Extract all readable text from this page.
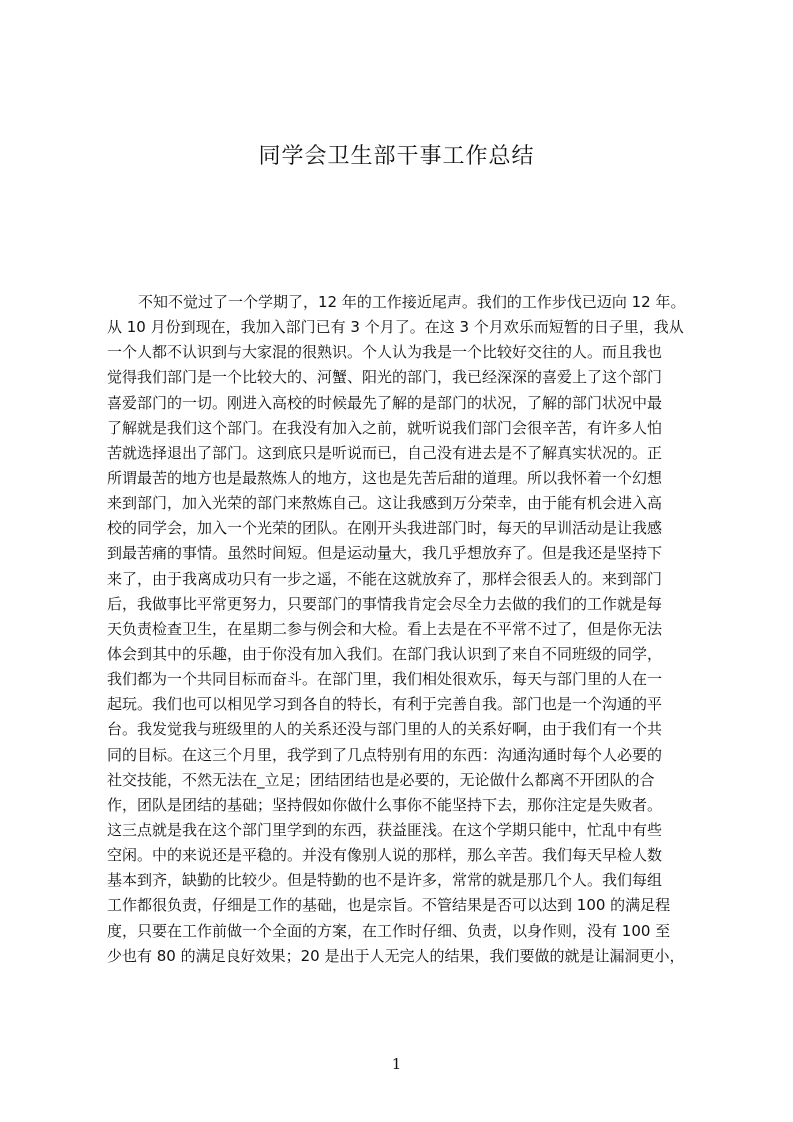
同学会卫生部干事工作总结

不知不觉过了一个学期了，12 年的工作接近尾声。我们的工作步伐已迈向 12 年。
从 10 月份到现在，我加入部门已有 3 个月了。在这 3 个月欢乐而短暂的日子里，我从
一个人都不认识到与大家混的很熟识。个人认为我是一个比较好交往的人。而且我也
觉得我们部门是一个比较大的、河蟹、阳光的部门，我已经深深的喜爱上了这个部门
喜爱部门的一切。刚进入高校的时候最先了解的是部门的状况，了解的部门状况中最
了解就是我们这个部门。在我没有加入之前，就听说我们部门会很辛苦，有许多人怕
苦就选择退出了部门。这到底只是听说而已，自己没有进去是不了解真实状况的。正
所谓最苦的地方也是最熬炼人的地方，这也是先苦后甜的道理。所以我怀着一个幻想
来到部门，加入光荣的部门来熬炼自己。这让我感到万分荣幸，由于能有机会进入高
校的同学会，加入一个光荣的团队。在刚开头我进部门时，每天的早训活动是让我感
到最苦痛的事情。虽然时间短。但是运动量大，我几乎想放弃了。但是我还是坚持下
来了，由于我离成功只有一步之遥，不能在这就放弃了，那样会很丢人的。来到部门
后，我做事比平常更努力，只要部门的事情我肯定会尽全力去做的我们的工作就是每
天负责检查卫生，在星期二参与例会和大检。看上去是在不平常不过了，但是你无法
体会到其中的乐趣，由于你没有加入我们。在部门我认识到了来自不同班级的同学，
我们都为一个共同目标而奋斗。在部门里，我们相处很欢乐，每天与部门里的人在一
起玩。我们也可以相见学习到各自的特长，有利于完善自我。部门也是一个沟通的平
台。我发觉我与班级里的人的关系还没与部门里的人的关系好啊，由于我们有一个共
同的目标。在这三个月里，我学到了几点特别有用的东西：沟通沟通时每个人必要的
社交技能，不然无法在_立足；团结团结也是必要的，无论做什么都离不开团队的合
作，团队是团结的基础；坚持假如你做什么事你不能坚持下去，那你注定是失败者。
这三点就是我在这个部门里学到的东西，获益匪浅。在这个学期只能中，忙乱中有些
空闲。中的来说还是平稳的。并没有像别人说的那样，那么辛苦。我们每天早检人数
基本到齐，缺勤的比较少。但是特勤的也不是许多，常常的就是那几个人。我们每组
工作都很负责，仔细是工作的基础，也是宗旨。不管结果是否可以达到 100 的满足程
度，只要在工作前做一个全面的方案，在工作时仔细、负责，以身作则，没有 100 至
少也有 80 的满足良好效果；20 是出于人无完人的结果，我们要做的就是让漏洞更小，

1
